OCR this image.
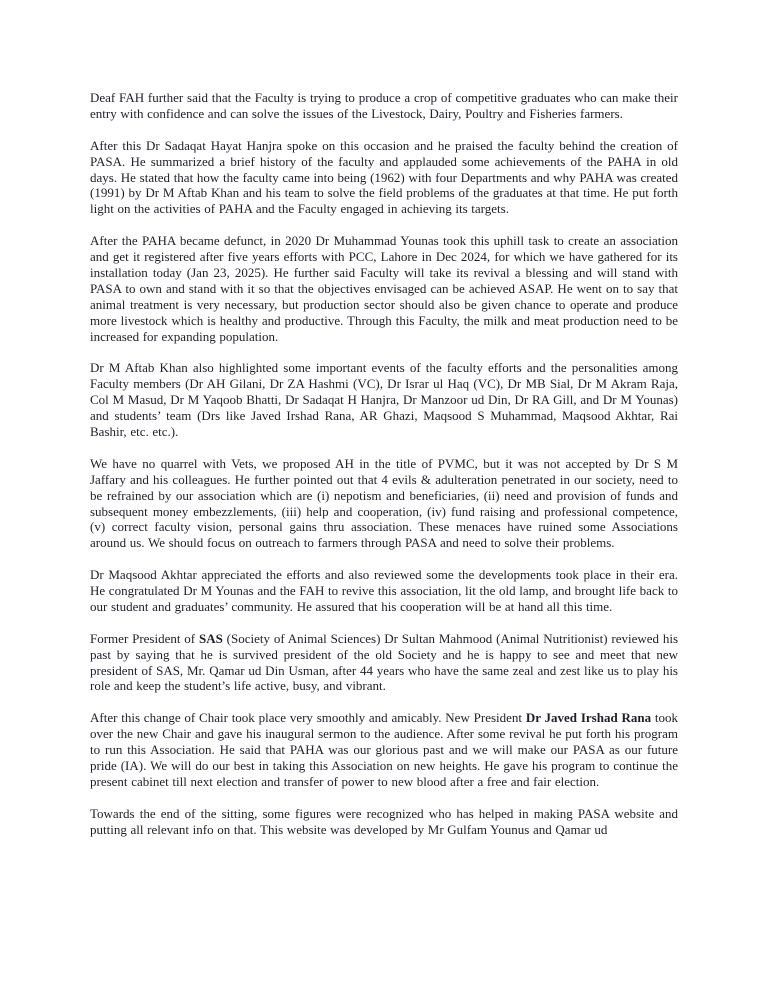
Deaf FAH further said that the Faculty is trying to produce a crop of competitive graduates who can make their entry with confidence and can solve the issues of the Livestock, Dairy, Poultry and Fisheries farmers.

After this Dr Sadaqat Hayat Hanjra spoke on this occasion and he praised the faculty behind the creation of PASA. He summarized a brief history of the faculty and applauded some achievements of the PAHA in old days. He stated that how the faculty came into being (1962) with four Departments and why PAHA was created (1991) by Dr M Aftab Khan and his team to solve the field problems of the graduates at that time. He put forth light on the activities of PAHA and the Faculty engaged in achieving its targets.

After the PAHA became defunct, in 2020 Dr Muhammad Younas took this uphill task to create an association and get it registered after five years efforts with PCC, Lahore in Dec 2024, for which we have gathered for its installation today (Jan 23, 2025). He further said Faculty will take its revival a blessing and will stand with PASA to own and stand with it so that the objectives envisaged can be achieved ASAP. He went on to say that animal treatment is very necessary, but production sector should also be given chance to operate and produce more livestock which is healthy and productive. Through this Faculty, the milk and meat production need to be increased for expanding population.

Dr M Aftab Khan also highlighted some important events of the faculty efforts and the personalities among Faculty members (Dr AH Gilani, Dr ZA Hashmi (VC), Dr Israr ul Haq (VC), Dr MB Sial, Dr M Akram Raja, Col M Masud, Dr M Yaqoob Bhatti, Dr Sadaqat H Hanjra, Dr Manzoor ud Din, Dr RA Gill, and Dr M Younas) and students’ team (Drs like Javed Irshad Rana, AR Ghazi, Maqsood S Muhammad, Maqsood Akhtar, Rai Bashir, etc. etc.).

We have no quarrel with Vets, we proposed AH in the title of PVMC, but it was not accepted by Dr S M Jaffary and his colleagues. He further pointed out that 4 evils & adulteration penetrated in our society, need to be refrained by our association which are (i) nepotism and beneficiaries, (ii) need and provision of funds and subsequent money embezzlements, (iii) help and cooperation, (iv) fund raising and professional competence, (v) correct faculty vision, personal gains thru association. These menaces have ruined some Associations around us. We should focus on outreach to farmers through PASA and need to solve their problems.

Dr Maqsood Akhtar appreciated the efforts and also reviewed some the developments took place in their era. He congratulated Dr M Younas and the FAH to revive this association, lit the old lamp, and brought life back to our student and graduates’ community. He assured that his cooperation will be at hand all this time.

Former President of SAS (Society of Animal Sciences) Dr Sultan Mahmood (Animal Nutritionist) reviewed his past by saying that he is survived president of the old Society and he is happy to see and meet that new president of SAS, Mr. Qamar ud Din Usman, after 44 years who have the same zeal and zest like us to play his role and keep the student’s life active, busy, and vibrant.

After this change of Chair took place very smoothly and amicably. New President Dr Javed Irshad Rana took over the new Chair and gave his inaugural sermon to the audience. After some revival he put forth his program to run this Association. He said that PAHA was our glorious past and we will make our PASA as our future pride (IA). We will do our best in taking this Association on new heights. He gave his program to continue the present cabinet till next election and transfer of power to new blood after a free and fair election.

Towards the end of the sitting, some figures were recognized who has helped in making PASA website and putting all relevant info on that. This website was developed by Mr Gulfam Younus and Qamar ud
